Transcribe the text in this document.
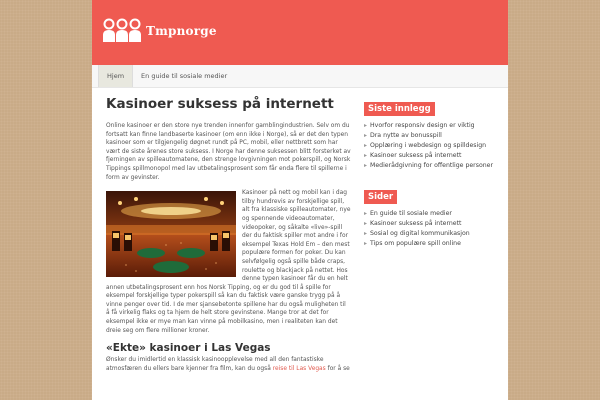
Tmpnorge
Hjem	En guide til sosiale medier
Kasinoer suksess på internett

Online kasinoer er den store nye trenden innenfor gamblingindustrien. Selv om du fortsatt kan finne landbaserte kasinoer (om enn ikke i Norge), så er det den typen kasinoer som er tilgjengelig døgnet rundt på PC, mobil, eller nettbrett som har vært de siste årenes store suksess. I Norge har denne suksessen blitt forsterket av fjerningen av spilleautomatene, den strenge lovgivningen mot pokerspill, og Norsk Tippings spillmonopol med lav utbetalingsprosent som får enda flere til spillerne i form av gevinster.

Kasinoer på nett og mobil kan i dag tilby hundrevis av forskjellige spill, alt fra klassiske spilleautomater, nye og spennende videoautomater, videopoker, og såkalte «live»-spill der du faktisk spiller mot andre i for eksempel Texas Hold Em – den mest populære formen for poker. Du kan selvfølgelig også spille både craps, roulette og blackjack på nettet. Hos denne typen kasinoer får du en helt annen utbetalingsprosent enn hos Norsk Tipping, og er du god til å spille for eksempel forskjellige typer pokerspill så kan du faktisk være ganske trygg på å vinne penger over tid. I de mer sjansebetonte spillene har du også muligheten til å få virkelig flaks og ta hjem de helt store gevinstene. Mange tror at det for eksempel ikke er mye man kan vinne på mobilkasino, men i realiteten kan det dreie seg om flere millioner kroner.

«Ekte» kasinoer i Las Vegas

Ønsker du imidlertid en klassisk kasinoopplevelse med all den fantastiske atmosfæren du ellers bare kjenner fra film, kan du også reise til Las Vegas for å se

Siste innlegg
▸ Hvorfor responsiv design er viktig
▸ Dra nytte av bonusspill
▸ Opplæring i webdesign og spilldesign
▸ Kasinoer suksess på internett
▸ Medierådgivning for offentlige personer
Sider
▸ En guide til sosiale medier
▸ Kasinoer suksess på internett
▸ Sosial og digital kommunikasjon
▸ Tips om populære spill online
